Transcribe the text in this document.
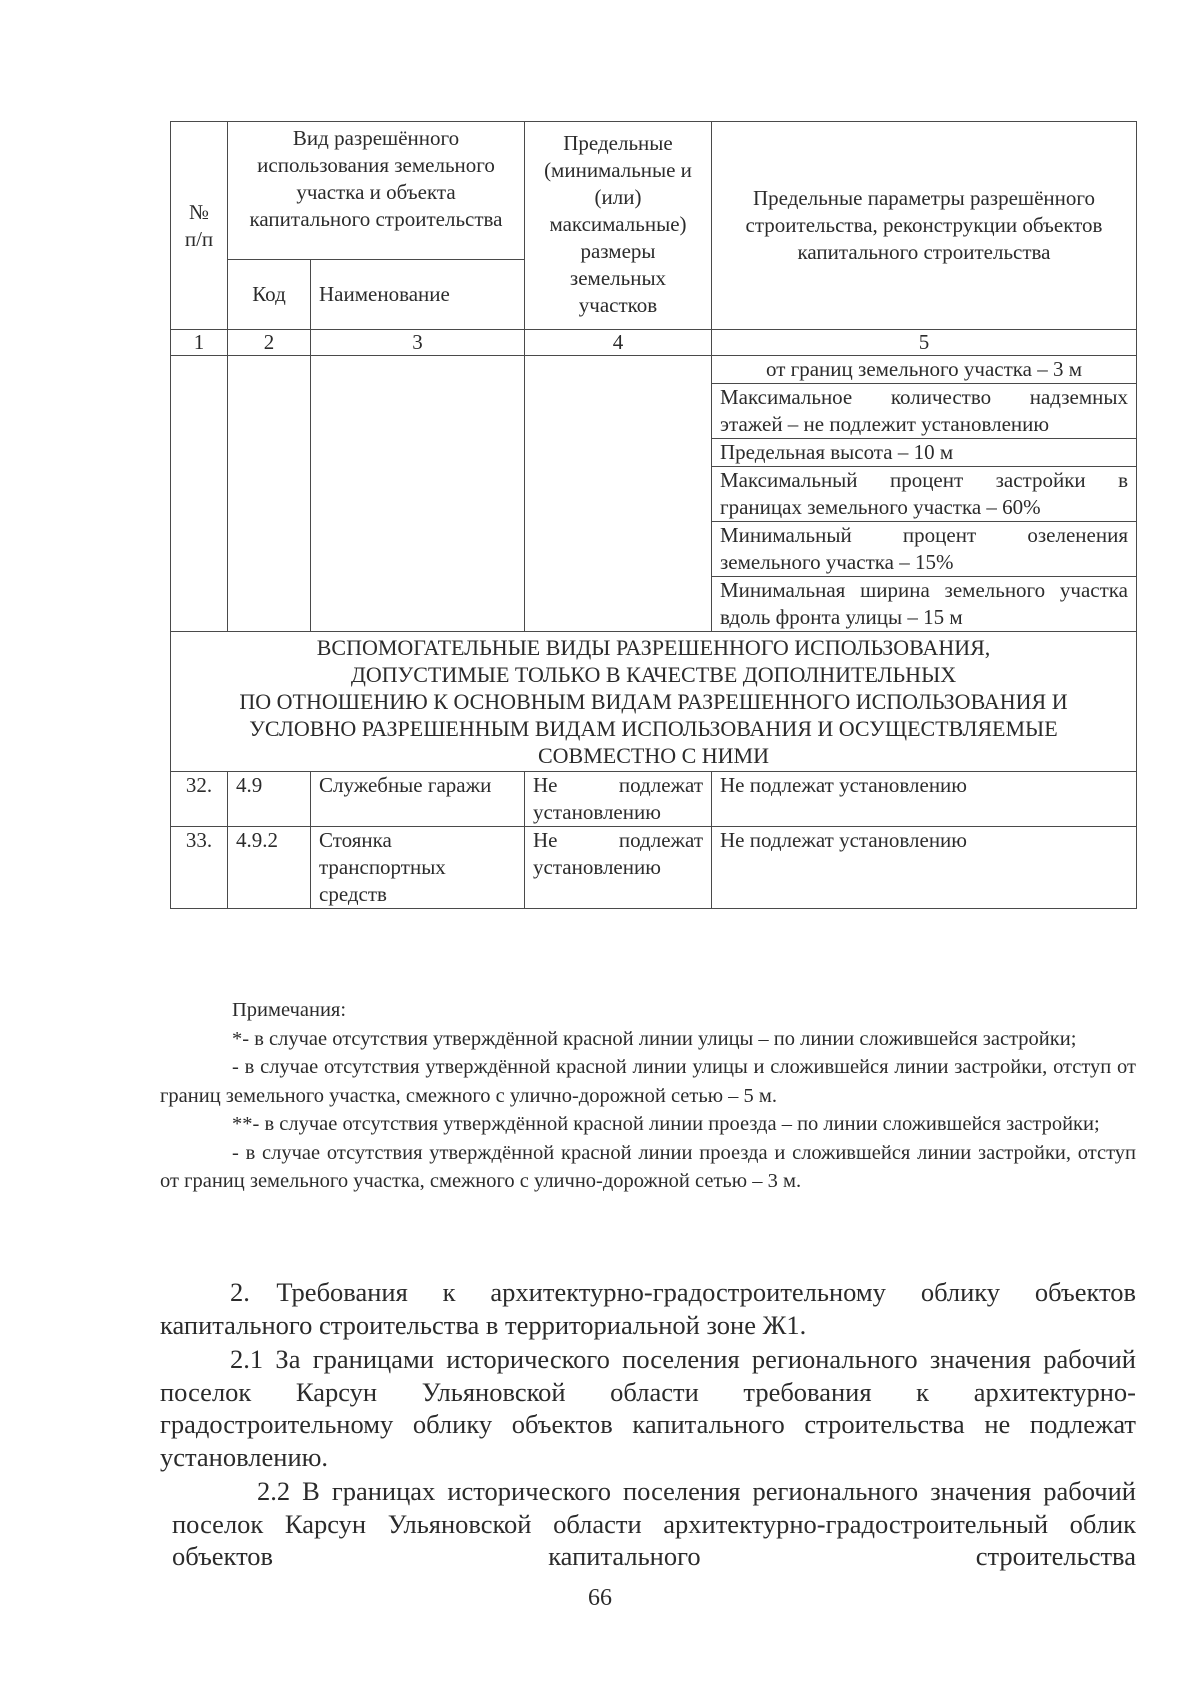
№ п/п	Вид разрешённого использования земельного участка и объекта капитального строительства		Предельные (минимальные и (или) максимальные) размеры земельных участков	Предельные параметры разрешённого строительства, реконструкции объектов капитального строительства
	Код	Наименование		
1	2	3	4	5
				от границ земельного участка – 3 м
				Максимальное количество надземных этажей – не подлежит установлению
				Предельная высота – 10 м
				Максимальный процент застройки в границах земельного участка – 60%
				Минимальный процент озеленения земельного участка – 15%
				Минимальная ширина земельного участка вдоль фронта улицы – 15 м

ВСПОМОГАТЕЛЬНЫЕ ВИДЫ РАЗРЕШЕННОГО ИСПОЛЬЗОВАНИЯ,
ДОПУСТИМЫЕ ТОЛЬКО В КАЧЕСТВЕ ДОПОЛНИТЕЛЬНЫХ
ПО ОТНОШЕНИЮ К ОСНОВНЫМ ВИДАМ РАЗРЕШЕННОГО ИСПОЛЬЗОВАНИЯ И
УСЛОВНО РАЗРЕШЕННЫМ ВИДАМ ИСПОЛЬЗОВАНИЯ И ОСУЩЕСТВЛЯЕМЫЕ
СОВМЕСТНО С НИМИ				

32.	4.9	Служебные гаражи	Не подлежат установлению	Не подлежат установлению
33.	4.9.2	Стоянка транспортных средств	Не подлежат установлению	Не подлежат установлению

Примечания:

*- в случае отсутствия утверждённой красной линии улицы – по линии сложившейся застройки;

- в случае отсутствия утверждённой красной линии улицы и сложившейся линии застройки, отступ от границ земельного участка, смежного с улично-дорожной сетью – 5 м.

**- в случае отсутствия утверждённой красной линии проезда – по линии сложившейся застройки;

- в случае отсутствия утверждённой красной линии проезда и сложившейся линии застройки, отступ от границ земельного участка, смежного с улично-дорожной сетью – 3 м.

2. Требования к архитектурно-градостроительному облику объектов капитального строительства в территориальной зоне Ж1.

2.1 За границами исторического поселения регионального значения рабочий поселок Карсун Ульяновской области требования к архитектурно-градостроительному облику объектов капитального строительства не подлежат установлению.

2.2 В границах исторического поселения регионального значения рабочий поселок Карсун Ульяновской области архитектурно-градостроительный облик объектов капитального строительства

66
